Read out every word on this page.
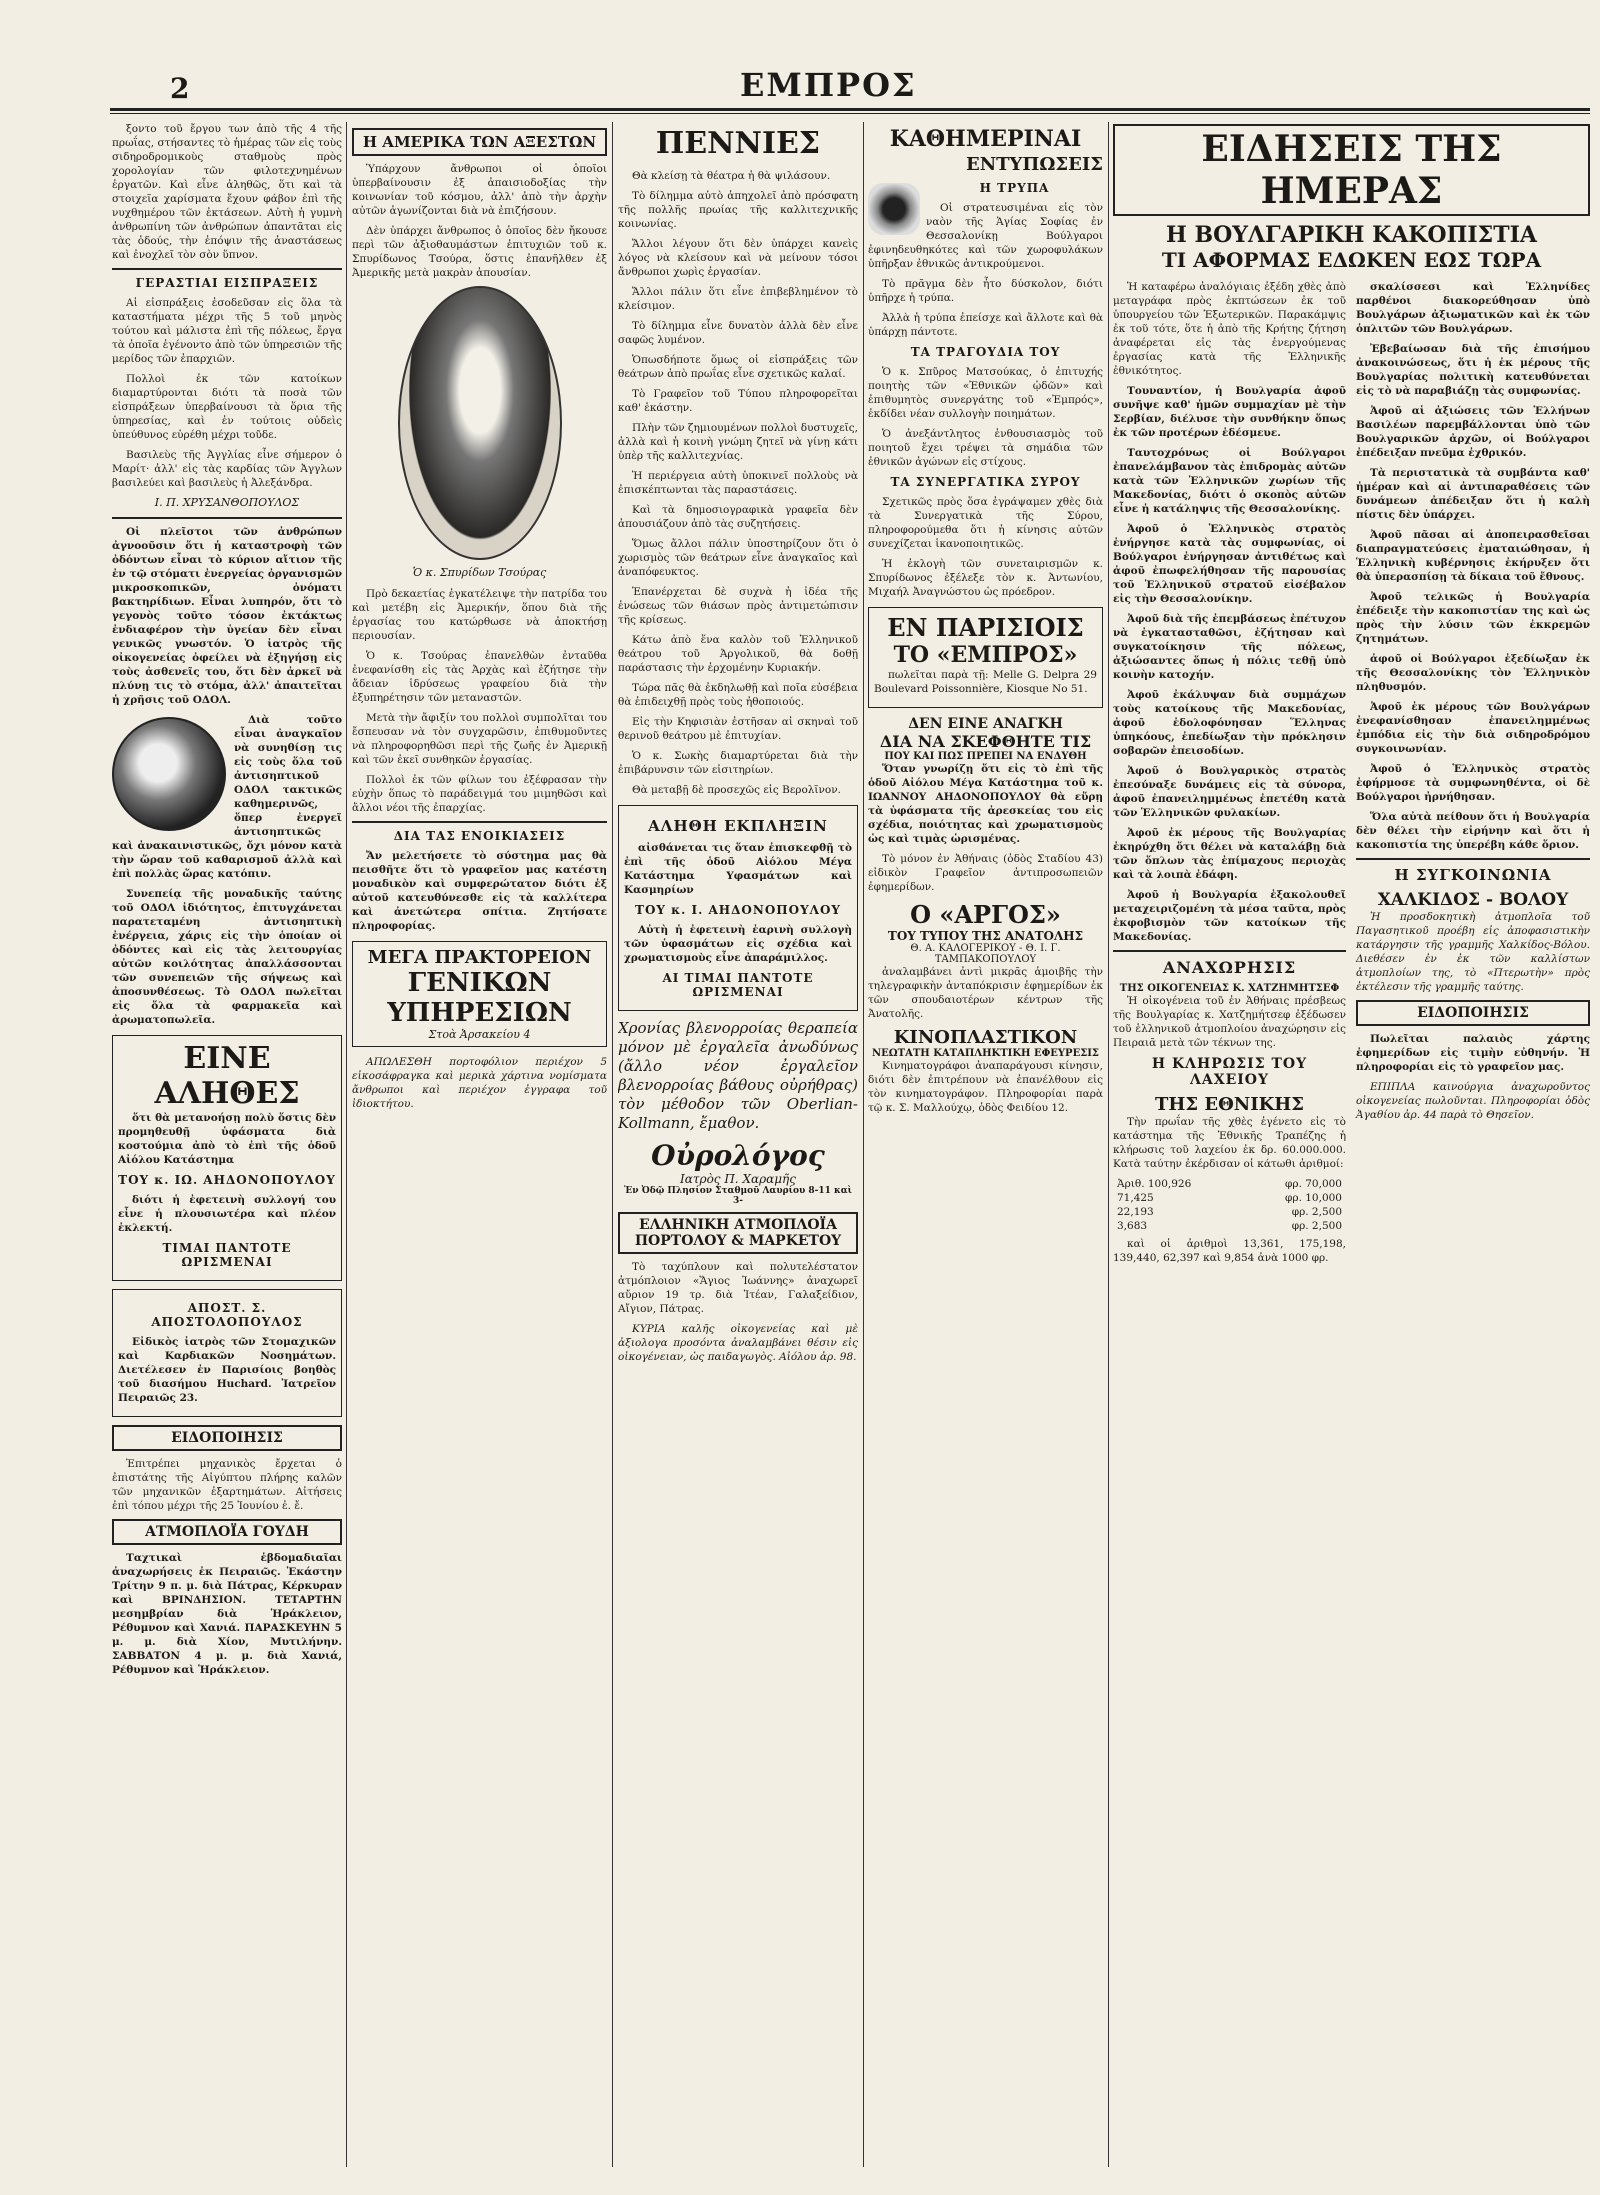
2	ΕΜΠΡΟΣ

ξοντο τοῦ ἔργου των ἀπὸ τῆς 4 τῆς πρωΐας, στήσαντες τὸ ἡμέρας τῶν εἰς τοὺς σιδηροδρομικοὺς σταθμοὺς πρὸς χορολογίαν τῶν φιλοτεχνημένων ἐργατῶν. Καὶ εἶνε ἀληθῶς, ὅτι καὶ τὰ στοιχεῖα χαρίσματα ἔχουν φάβον ἐπὶ τῆς νυχθημέρου τῶν ἐκτάσεων. Αὐτὴ ἡ γυμνὴ ἀνθρωπίνη τῶν ἀνθρώπων ἀπαντᾶται εἰς τὰς ὁδούς, τὴν ἐπόψιν τῆς ἀναστάσεως καὶ ἐνοχλεῖ τὸν σὸν ὕπνον.

ΓΕΡΑΣΤΙΑΙ ΕΙΣΠΡΑΞΕΙΣ

Αἱ εἰσπράξεις ἐσοδεῦσαν εἰς ὅλα τὰ καταστήματα μέχρι τῆς 5 τοῦ μηνὸς τούτου καὶ μάλιστα ἐπὶ τῆς πόλεως, ἔργα τὰ ὁποῖα ἐγένοντο ἀπὸ τῶν ὑπηρεσιῶν τῆς μερίδος τῶν ἐπαρχιῶν.

Πολλοὶ ἐκ τῶν κατοίκων διαμαρτύρονται διότι τὰ ποσὰ τῶν εἰσπράξεων ὑπερβαίνουσι τὰ ὅρια τῆς ὑπηρεσίας, καὶ ἐν τούτοις οὐδεὶς ὑπεύθυνος εὑρέθη μέχρι τοῦδε.

Βασιλεὺς τῆς Ἀγγλίας εἶνε σήμερον ὁ Μαρίτ· ἀλλ' εἰς τὰς καρδίας τῶν Ἀγγλων βασιλεύει καὶ βασιλεὺς ἡ Ἀλεξάνδρα.

Ι. Π. ΧΡΥΣΑΝΘΟΠΟΥΛΟΣ

Οἱ πλεῖστοι τῶν ἀνθρώπων ἀγνοοῦσιν ὅτι ἡ καταστροφὴ τῶν ὀδόντων εἶναι τὸ κύριον αἴτιον τῆς ἐν τῷ στόματι ἐνεργείας ὀργανισμῶν μικροσκοπικῶν, ὀνόματι βακτηρίδιων. Εἶναι λυπηρόν, ὅτι τὸ γεγονὸς τοῦτο τόσον ἐκτάκτως ἐνδιαφέρον τὴν ὑγείαν δὲν εἶναι γενικῶς γνωστόν. Ὁ ἰατρὸς τῆς οἰκογενείας ὀφείλει νὰ ἐξηγήσῃ εἰς τοὺς ἀσθενεῖς του, ὅτι δὲν ἀρκεῖ νὰ πλύνῃ τις τὸ στόμα, ἀλλ' ἀπαιτεῖται ἡ χρῆσις τοῦ ΟΔΟΛ.

Διὰ τοῦτο εἶναι ἀναγκαῖον νὰ συνηθίσῃ τις εἰς τοὺς ὅλα τοῦ ἀντισηπτικοῦ ΟΔΟΛ τακτικῶς καθημερινῶς, ὅπερ ἐνεργεῖ ἀντισηπτικῶς καὶ ἀνακαινιστικῶς, ὄχι μόνον κατὰ τὴν ὥραν τοῦ καθαρισμοῦ ἀλλὰ καὶ ἐπὶ πολλὰς ὥρας κατόπιν.

Συνεπείᾳ τῆς μοναδικῆς ταύτης τοῦ ΟΔΟΛ ἰδιότητος, ἐπιτυγχάνεται παρατεταμένη ἀντισηπτικὴ ἐνέργεια, χάρις εἰς τὴν ὁποίαν οἱ ὀδόντες καὶ εἰς τὰς λειτουργίας αὐτῶν κοιλότητας ἀπαλλάσσονται τῶν συνεπειῶν τῆς σήψεως καὶ ἀποσυνθέσεως. Τὸ ΟΔΟΛ πωλεῖται εἰς ὅλα τὰ φαρμακεῖα καὶ ἀρωματοπωλεῖα.

ΕΙΝΕ ΑΛΗΘΕΣ

ὅτι θὰ μετανοήσῃ πολὺ ὅστις δὲν προμηθευθῇ ὑφάσματα διὰ κοστούμια ἀπὸ τὸ ἐπὶ τῆς ὁδοῦ Αἰόλου Κατάστημα

ΤΟΥ κ. ΙΩ. ΑΗΔΟΝΟΠΟΥΛΟΥ

διότι ἡ ἐφετεινὴ συλλογή του εἶνε ἡ πλουσιωτέρα καὶ πλέον ἐκλεκτή.

ΤΙΜΑΙ ΠΑΝΤΟΤΕ ΩΡΙΣΜΕΝΑΙ
ΑΠΟΣΤ. Σ. ΑΠΟΣΤΟΛΟΠΟΥΛΟΣ

Εἰδικὸς ἰατρὸς τῶν Στομαχικῶν καὶ Καρδιακῶν Νοσημάτων. Διετέλεσεν ἐν Παρισίοις βοηθὸς τοῦ διασήμου Huchard. Ἰατρεῖον Πειραιῶς 23.

ΕΙΔΟΠΟΙΗΣΙΣ

Ἐπιτρέπει μηχανικὸς ἔρχεται ὁ ἐπιστάτης τῆς Αἰγύπτου πλήρης καλῶν τῶν μηχανικῶν ἐξαρτημάτων. Αἰτήσεις ἐπὶ τόπου μέχρι τῆς 25 Ἰουνίου ἐ. ἔ.

ΑΤΜΟΠΛΟΪΑ ΓΟΥΔΗ

Ταχτικαὶ ἑβδομαδιαῖαι ἀναχωρήσεις ἐκ Πειραιῶς. Ἑκάστην Τρίτην 9 π. μ. διὰ Πάτρας, Κέρκυραν καὶ ΒΡΙΝΔΗΣΙΟΝ. ΤΕΤΑΡΤΗΝ μεσημβρίαν διὰ Ἡράκλειον, Ρέθυμνον καὶ Χανιά. ΠΑΡΑΣΚΕΥΗΝ 5 μ. μ. διὰ Χίον, Μυτιλήνην. ΣΑΒΒΑΤΟΝ 4 μ. μ. διὰ Χανιά, Ρέθυμνον καὶ Ἡράκλειον.

Η ΑΜΕΡΙΚΑ ΤΩΝ ΑΞΕΣΤΩΝ

Ὑπάρχουν ἄνθρωποι οἱ ὁποῖοι ὑπερβαίνουσιν ἐξ ἀπαισιοδοξίας τὴν κοινωνίαν τοῦ κόσμου, ἀλλ' ἀπὸ τὴν ἀρχὴν αὐτῶν ἀγωνίζονται διὰ νὰ ἐπιζήσουν.

Δὲν ὑπάρχει ἄνθρωπος ὁ ὁποῖος δὲν ἤκουσε περὶ τῶν ἀξιοθαυμάστων ἐπιτυχιῶν τοῦ κ. Σπυρίδωνος Τσούρα, ὅστις ἐπανῆλθεν ἐξ Ἀμερικῆς μετὰ μακρὰν ἀπουσίαν.

Ὁ κ. Σπυρίδων Τσούρας

Πρὸ δεκαετίας ἐγκατέλειψε τὴν πατρίδα του καὶ μετέβη εἰς Ἀμερικήν, ὅπου διὰ τῆς ἐργασίας του κατώρθωσε νὰ ἀποκτήσῃ περιουσίαν.

Ὁ κ. Τσούρας ἐπανελθὼν ἐνταῦθα ἐνεφανίσθη εἰς τὰς Ἀρχὰς καὶ ἐζήτησε τὴν ἄδειαν ἱδρύσεως γραφείου διὰ τὴν ἐξυπηρέτησιν τῶν μεταναστῶν.

Μετὰ τὴν ἄφιξίν του πολλοὶ συμπολῖται του ἔσπευσαν νὰ τὸν συγχαρῶσιν, ἐπιθυμοῦντες νὰ πληροφορηθῶσι περὶ τῆς ζωῆς ἐν Ἀμερικῇ καὶ τῶν ἐκεῖ συνθηκῶν ἐργασίας.

Πολλοὶ ἐκ τῶν φίλων του ἐξέφρασαν τὴν εὐχὴν ὅπως τὸ παράδειγμά του μιμηθῶσι καὶ ἄλλοι νέοι τῆς ἐπαρχίας.

ΔΙΑ ΤΑΣ ΕΝΟΙΚΙΑΣΕΙΣ

Ἄν μελετήσετε τὸ σύστημα μας θὰ πεισθῆτε ὅτι τὸ γραφεῖον μας κατέστη μοναδικὸν καὶ συμφερώτατον διότι ἐξ αὐτοῦ κατευθύνεσθε εἰς τὰ καλλίτερα καὶ ἀνετώτερα σπίτια. Ζητήσατε πληροφορίας.

ΜΕΓΑ ΠΡΑΚΤΟΡΕΙΟΝ
ΓΕΝΙΚΩΝ ΥΠΗΡΕΣΙΩΝ
Στοὰ Ἀρσακείου 4

ΑΠΩΛΕΣΘΗ πορτοφόλιον περιέχον 5 εἰκοσάφραγκα καὶ μερικὰ χάρτινα νομίσματα ἄνθρωποι καὶ περιέχον ἐγγραφα τοῦ ἰδιοκτήτου.

ΠΕΝΝΙΕΣ

Θὰ κλείσῃ τὰ θέατρα ἡ θὰ ψιλάσουν.

Τὸ δίλημμα αὐτὸ ἀπηχολεῖ ἀπὸ πρόσφατη τῆς πολλῆς πρωίας τῆς καλλιτεχνικῆς κοινωνίας.

Ἄλλοι λέγουν ὅτι δὲν ὑπάρχει κανεὶς λόγος νὰ κλείσουν καὶ νὰ μείνουν τόσοι ἄνθρωποι χωρὶς ἐργασίαν.

Ἄλλοι πάλιν ὅτι εἶνε ἐπιβεβλημένον τὸ κλείσιμον.

Τὸ δίλημμα εἶνε δυνατὸν ἀλλὰ δὲν εἶνε σαφῶς λυμένον.

Ὁπωσδήποτε ὅμως οἱ εἰσπράξεις τῶν θεάτρων ἀπὸ πρωΐας εἶνε σχετικῶς καλαί.

Τὸ Γραφεῖον τοῦ Τύπου πληροφορεῖται καθ' ἑκάστην.

Πλὴν τῶν ζημιουμένων πολλοὶ δυστυχεῖς, ἀλλὰ καὶ ἡ κοινὴ γνώμη ζητεῖ νὰ γίνῃ κάτι ὑπὲρ τῆς καλλιτεχνίας.

Ἡ περιέργεια αὐτὴ ὑποκινεῖ πολλοὺς νὰ ἐπισκέπτωνται τὰς παραστάσεις.

Καὶ τὰ δημοσιογραφικὰ γραφεῖα δὲν ἀπουσιάζουν ἀπὸ τὰς συζητήσεις.

Ὅμως ἄλλοι πάλιν ὑποστηρίζουν ὅτι ὁ χωρισμὸς τῶν θεάτρων εἶνε ἀναγκαῖος καὶ ἀναπόφευκτος.

Ἐπανέρχεται δὲ συχνὰ ἡ ἰδέα τῆς ἑνώσεως τῶν θιάσων πρὸς ἀντιμετώπισιν τῆς κρίσεως.

Κάτω ἀπὸ ἕνα καλὸν τοῦ Ἑλληνικοῦ θεάτρου τοῦ Ἀργολικοῦ, θὰ δοθῇ παράστασις τὴν ἐρχομένην Κυριακήν.

Τώρα πᾶς θὰ ἐκδηλωθῇ καὶ ποῖα εὐσέβεια θὰ ἐπιδειχθῇ πρὸς τοὺς ἠθοποιούς.

Εἰς τὴν Κηφισιὰν ἐστῆσαν αἱ σκηναὶ τοῦ θερινοῦ θεάτρου μὲ ἐπιτυχίαν.

Ὁ κ. Σωκὴς διαμαρτύρεται διὰ τὴν ἐπιβάρυνσιν τῶν εἰσιτηρίων.

Θὰ μεταβῇ δὲ προσεχῶς εἰς Βερολῖνον.

ΑΛΗΘΗ ΕΚΠΛΗΞΙΝ

αἰσθάνεται τις ὅταν ἐπισκεφθῇ τὸ ἐπὶ τῆς ὁδοῦ Αἰόλου Μέγα Κατάστημα Υφασμάτων καὶ Κασμηρίων

ΤΟΥ κ. Ι. ΑΗΔΟΝΟΠΟΥΛΟΥ

Αὐτὴ ἡ ἐφετεινὴ ἐαρινὴ συλλογὴ τῶν ὑφασμάτων εἰς σχέδια καὶ χρωματισμοὺς εἶνε ἀπαράμιλλος.

ΑΙ ΤΙΜΑΙ ΠΑΝΤΟΤΕ ΩΡΙΣΜΕΝΑΙ

Χρονίας βλενορροίας θεραπεία μόνον μὲ ἐργαλεῖα ἀνωδύνως (ἄλλο νέον ἐργαλεῖον βλενορροίας βάθους οὐρήθρας) τὸν μέθοδον τῶν Oberlian-Kollmann, ἔμαθον.

Οὐρολόγος
Ιατρὸς Π. Χαραμῆς
Ἐν Ὀδῷ Πλησίον Σταθμοῦ Λαυρίου 8-11 καὶ 3-
ΕΛΛΗΝΙΚΗ ΑΤΜΟΠΛΟΪΑ ΠΟΡΤΟΛΟΥ & ΜΑΡΚΕΤΟΥ

Τὸ ταχύπλουν καὶ πολυτελέστατον ἀτμόπλοιον «Ἅγιος Ἰωάννης» ἀναχωρεῖ αὔριον 19 τρ. διὰ Ἰτέαν, Γαλαξείδιον, Αἴγιον, Πάτρας.

ΚΥΡΙΑ καλῆς οἰκογενείας καὶ μὲ ἀξιολογα προσόντα ἀναλαμβάνει θέσιν εἰς οἰκογένειαν, ὡς παιδαγωγὸς. Αἰόλου ἀρ. 98.

ΚΑΘΗΜΕΡΙΝΑΙ
ΕΝΤΥΠΩΣΕΙΣ
Η ΤΡΥΠΑ

Οἱ στρατευσιμέναι εἰς τὸν ναὸν τῆς Ἁγίας Σοφίας ἐν Θεσσαλονίκῃ Βούλγαροι ἐφινηδευθηκότες καὶ τῶν χωροφυλάκων ὑπῆρξαν ἐθνικῶς ἀντικρούμενοι.

Τὸ πρᾶγμα δὲν ἦτο δύσκολον, διότι ὑπῆρχε ἡ τρύπα.

Ἀλλὰ ἡ τρύπα ἐπείσχε καὶ ἄλλοτε καὶ θὰ ὑπάρχῃ πάντοτε.

ΤΑ ΤΡΑΓΟΥΔΙΑ ΤΟΥ

Ὁ κ. Σπῦρος Ματσούκας, ὁ ἐπιτυχής ποιητὴς τῶν «Ἐθνικῶν ᾠδῶν» καὶ ἐπιθυμητὸς συνεργάτης τοῦ «Ἐμπρός», ἐκδίδει νέαν συλλογὴν ποιημάτων.

Ὁ ἀνεξάντλητος ἐνθουσιασμὸς τοῦ ποιητοῦ ἔχει τρέψει τὰ σημάδια τῶν ἐθνικῶν ἀγώνων εἰς στίχους.

ΤΑ ΣΥΝΕΡΓΑΤΙΚΑ ΣΥΡΟΥ

Σχετικῶς πρὸς ὅσα ἐγράψαμεν χθὲς διὰ τὰ Συνεργατικὰ τῆς Σύρου, πληροφορούμεθα ὅτι ἡ κίνησις αὐτῶν συνεχίζεται ἱκανοποιητικῶς.

Ἡ ἐκλογὴ τῶν συνεταιρισμῶν κ. Σπυρίδωνος ἐξέλεξε τὸν κ. Ἀντωνίου, Μιχαήλ Ἀναγνώστου ὡς πρόεδρον.

ΕΝ ΠΑΡΙΣΙΟΙΣ
ΤΟ «ΕΜΠΡΟΣ»

πωλεῖται παρὰ τῇ: Melle G. Delpra 29 Boulevard Poissonnière, Kiosque No 51.

ΔΕΝ ΕΙΝΕ ΑΝΑΓΚΗ
ΔΙΑ ΝΑ ΣΚΕΦΘΗΤΕ ΤΙΣ
ΠΟΥ ΚΑΙ ΠΩΣ ΠΡΕΠΕΙ ΝΑ ΕΝΔΥΘΗ

Ὅταν γνωρίζῃ ὅτι εἰς τὸ ἐπὶ τῆς ὁδοῦ Αἰόλου Μέγα Κατάστημα τοῦ κ. ΙΩΑΝΝΟΥ ΑΗΔΟΝΟΠΟΥΛΟΥ θὰ εὕρῃ τὰ ὑφάσματα τῆς ἀρεσκείας του εἰς σχέδια, ποιότητας καὶ χρωματισμοὺς ὡς καὶ τιμὰς ὡρισμένας.

Τὸ μόνον ἐν Ἀθήναις (ὁδὸς Σταδίου 43) εἰδικὸν Γραφεῖον ἀντιπροσωπειῶν ἐφημερίδων.

Ο «ΑΡΓΟΣ»
ΤΟΥ ΤΥΠΟΥ ΤΗΣ ΑΝΑΤΟΛΗΣ
Θ. Α. ΚΑΛΟΓΕΡΙΚΟΥ - Θ. Ι. Γ. ΤΑΜΠΑΚΟΠΟΥΛΟΥ

ἀναλαμβάνει ἀντὶ μικρᾶς ἀμοιβῆς τὴν τηλεγραφικὴν ἀνταπόκρισιν ἐφημερίδων ἐκ τῶν σπουδαιοτέρων κέντρων τῆς Ἀνατολῆς.

ΚΙΝΟΠΛΑΣΤΙΚΟΝ
ΝΕΩΤΑΤΗ ΚΑΤΑΠΛΗΚΤΙΚΗ ΕΦΕΥΡΕΣΙΣ

Κινηματογράφοι ἀναπαράγουσι κίνησιν, διότι δὲν ἐπιτρέπουν νὰ ἐπανέλθουν εἰς τὸν κινηματογράφον. Πληροφορίαι παρὰ τῷ κ. Σ. Μαλλούχῳ, ὁδὸς Φειδίου 12.

ΕΙΔΗΣΕΙΣ ΤΗΣ ΗΜΕΡΑΣ
Η ΒΟΥΛΓΑΡΙΚΗ ΚΑΚΟΠΙΣΤΙΑ
ΤΙ ΑΦΟΡΜΑΣ ΕΔΩΚΕΝ ΕΩΣ ΤΩΡΑ

Ἡ καταφέρω ἀναλόγιαις ἐξέδη χθὲς ἀπὸ μεταγράφα πρὸς ἐκπτώσεων ἐκ τοῦ ὑπουργείου τῶν Ἐξωτερικῶν. Παρακάμψις ἐκ τοῦ τότε, ὅτε ἡ ἀπὸ τῆς Κρήτης ζήτηση ἀναφέρεται εἰς τὰς ἐνεργούμενας ἐργασίας κατὰ τῆς Ἑλληνικῆς ἐθνικότητος.

Τουναντίον, ἡ Βουλγαρία ἀφοῦ συνῆψε καθ' ἡμῶν συμμαχίαν μὲ τὴν Σερβίαν, διέλυσε τὴν συνθήκην ὅπως ἐκ τῶν προτέρων ἐδέσμευε.

Ταυτοχρόνως οἱ Βούλγαροι ἐπανελάμβανον τὰς ἐπιδρομὰς αὐτῶν κατὰ τῶν Ἑλληνικῶν χωρίων τῆς Μακεδονίας, διότι ὁ σκοπὸς αὐτῶν εἶνε ἡ κατάληψις τῆς Θεσσαλονίκης.

Ἀφοῦ ὁ Ἑλληνικὸς στρατὸς ἐνήργησε κατὰ τὰς συμφωνίας, οἱ Βούλγαροι ἐνήργησαν ἀντιθέτως καὶ ἀφοῦ ἐπωφελήθησαν τῆς παρουσίας τοῦ Ἑλληνικοῦ στρατοῦ εἰσέβαλον εἰς τὴν Θεσσαλονίκην.

Ἀφοῦ διὰ τῆς ἐπεμβάσεως ἐπέτυχον νὰ ἐγκατασταθῶσι, ἐζήτησαν καὶ συγκατοίκησιν τῆς πόλεως, ἀξιώσαντες ὅπως ἡ πόλις τεθῇ ὑπὸ κοινὴν κατοχήν.

Ἀφοῦ ἐκάλυψαν διὰ συμμάχων τοὺς κατοίκους τῆς Μακεδονίας, ἀφοῦ ἐδολοφόνησαν Ἕλληνας ὑπηκόους, ἐπεδίωξαν τὴν πρόκλησιν σοβαρῶν ἐπεισοδίων.

Ἀφοῦ ὁ Βουλγαρικὸς στρατὸς ἐπεσύναξε δυνάμεις εἰς τὰ σύνορα, ἀφοῦ ἐπανειλημμένως ἐπετέθη κατὰ τῶν Ἑλληνικῶν φυλακίων.

Ἀφοῦ ἐκ μέρους τῆς Βουλγαρίας ἐκηρύχθη ὅτι θέλει νὰ καταλάβῃ διὰ τῶν ὅπλων τὰς ἐπίμαχους περιοχὰς καὶ τὰ λοιπὰ ἐδάφη.

Ἀφοῦ ἡ Βουλγαρία ἐξακολουθεῖ μεταχειριζομένη τὰ μέσα ταῦτα, πρὸς ἐκφοβισμὸν τῶν κατοίκων τῆς Μακεδονίας.

ΑΝΑΧΩΡΗΣΙΣ
ΤΗΣ ΟΙΚΟΓΕΝΕΙΑΣ Κ. ΧΑΤΖΗΜΗΤΣΕΦ

Ἡ οἰκογένεια τοῦ ἐν Ἀθήναις πρέσβεως τῆς Βουλγαρίας κ. Χατζημήτσεφ ἐξέδωσεν τοῦ ἑλληνικοῦ ἀτμοπλοίου ἀναχώρησιν εἰς Πειραιᾶ μετὰ τῶν τέκνων της.

Η ΚΛΗΡΩΣΙΣ ΤΟΥ ΛΑΧΕΙΟΥ
ΤΗΣ ΕΘΝΙΚΗΣ

Τὴν πρωΐαν τῆς χθὲς ἐγένετο εἰς τὸ κατάστημα τῆς Ἐθνικῆς Τραπέζης ἡ κλήρωσις τοῦ λαχείου ἐκ δρ. 60.000.000. Κατὰ ταύτην ἐκέρδισαν οἱ κάτωθι ἀριθμοί:

Ἀριθ. 100,926	φρ. 70,000
71,425	φρ. 10,000
22,193	φρ. 2,500
3,683	φρ. 2,500

καὶ οἱ ἀριθμοὶ 13,361, 175,198, 139,440, 62,397 καὶ 9,854 ἀνὰ 1000 φρ.

σκαλίσσεσι καὶ Ἑλληνίδες παρθένοι διακορεύθησαν ὑπὸ Βουλγάρων ἀξιωματικῶν καὶ ἐκ τῶν ὁπλιτῶν τῶν Βουλγάρων.

Ἐβεβαίωσαν διὰ τῆς ἐπισήμου ἀνακοινώσεως, ὅτι ἡ ἐκ μέρους τῆς Βουλγαρίας πολιτικὴ κατευθύνεται εἰς τὸ νὰ παραβιάζῃ τὰς συμφωνίας.

Ἀφοῦ αἱ ἀξιώσεις τῶν Ἑλλήνων Βασιλέων παρεμβάλλονται ὑπὸ τῶν Βουλγαρικῶν ἀρχῶν, οἱ Βούλγαροι ἐπέδειξαν πνεῦμα ἐχθρικόν.

Τὰ περιστατικὰ τὰ συμβάντα καθ' ἡμέραν καὶ αἱ ἀντιπαραθέσεις τῶν δυνάμεων ἀπέδειξαν ὅτι ἡ καλὴ πίστις δὲν ὑπάρχει.

Ἀφοῦ πᾶσαι αἱ ἀποπειρασθεῖσαι διαπραγματεύσεις ἐματαιώθησαν, ἡ Ἑλληνικὴ κυβέρνησις ἐκήρυξεν ὅτι θὰ ὑπερασπίσῃ τὰ δίκαια τοῦ ἔθνους.

Ἀφοῦ τελικῶς ἡ Βουλγαρία ἐπέδειξε τὴν κακοπιστίαν της καὶ ὡς πρὸς τὴν λύσιν τῶν ἐκκρεμῶν ζητημάτων.

ἀφοῦ οἱ Βούλγαροι ἐξεδίωξαν ἐκ τῆς Θεσσαλονίκης τὸν Ἑλληνικὸν πληθυσμόν.

Ἀφοῦ ἐκ μέρους τῶν Βουλγάρων ἐνεφανίσθησαν ἐπανειλημμένως ἐμπόδια εἰς τὴν διὰ σιδηροδρόμου συγκοινωνίαν.

Ἀφοῦ ὁ Ἑλληνικὸς στρατὸς ἐφήρμοσε τὰ συμφωνηθέντα, οἱ δὲ Βούλγαροι ἠρνήθησαν.

Ὅλα αὐτὰ πείθουν ὅτι ἡ Βουλγαρία δὲν θέλει τὴν εἰρήνην καὶ ὅτι ἡ κακοπιστία της ὑπερέβη κάθε ὅριον.

Η ΣΥΓΚΟΙΝΩΝΙΑ
ΧΑΛΚΙΔΟΣ - ΒΟΛΟΥ

Ἡ προσδοκητικὴ ἀτμοπλοῖα τοῦ Παγασητικοῦ προέβη εἰς ἀποφασιστικὴν κατάργησιν τῆς γραμμῆς Χαλκίδος-Βόλου. Διεθέσεν ἐν ἐκ τῶν καλλίστων ἀτμοπλοίων της, τὸ «Πτερωτὴν» πρὸς ἐκτέλεσιν τῆς γραμμῆς ταύτης.

ΕΙΔΟΠΟΙΗΣΙΣ

Πωλεῖται παλαιὸς χάρτης ἐφημερίδων εἰς τιμὴν εὐθηνήν. Ἡ πληροφορίαι εἰς τὸ γραφεῖον μας.

ΕΠΙΠΛΑ καινούργια ἀναχωροῦντος οἰκογενείας πωλοῦνται. Πληροφορίαι ὁδὸς Ἀγαθίου ἀρ. 44 παρὰ τὸ Θησεῖον.
